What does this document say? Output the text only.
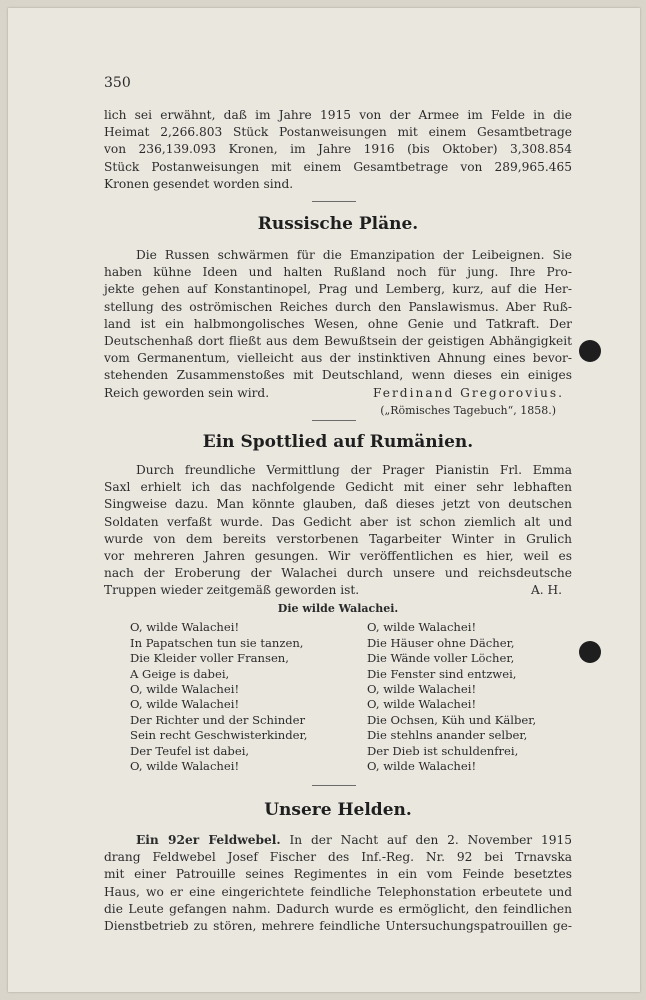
350
lich sei erwähnt, daß im Jahre 1915 von der Armee im Felde in die
Heimat 2,266.803 Stück Postanweisungen mit einem Gesamtbetrage
von 236,139.093 Kronen, im Jahre 1916 (bis Oktober) 3,308.854
Stück Postanweisungen mit einem Gesamtbetrage von 289,965.465
Kronen gesendet worden sind.
Russische Pläne.
Die Russen schwärmen für die Emanzipation der Leibeignen. Sie
haben kühne Ideen und halten Rußland noch für jung. Ihre Pro-
jekte gehen auf Konstantinopel, Prag und Lemberg, kurz, auf die Her-
stellung des oströmischen Reiches durch den Panslawismus. Aber Ruß-
land ist ein halbmongolisches Wesen, ohne Genie und Tatkraft. Der
Deutschenhaß dort fließt aus dem Bewußtsein der geistigen Abhängigkeit
vom Germanentum, vielleicht aus der instinktiven Ahnung eines bevor-
stehenden Zusammenstoßes mit Deutschland, wenn dieses ein einiges
Reich geworden sein wird.	Ferdinand Gregorovius.
(„Römisches Tagebuch“, 1858.)
Ein Spottlied auf Rumänien.
Durch freundliche Vermittlung der Prager Pianistin Frl. Emma
Saxl erhielt ich das nachfolgende Gedicht mit einer sehr lebhaften
Singweise dazu. Man könnte glauben, daß dieses jetzt von deutschen
Soldaten verfaßt wurde. Das Gedicht aber ist schon ziemlich alt und
wurde von dem bereits verstorbenen Tagarbeiter Winter in Grulich
vor mehreren Jahren gesungen. Wir veröffentlichen es hier, weil es
nach der Eroberung der Walachei durch unsere und reichsdeutsche
Truppen wieder zeitgemäß geworden ist.	A. H.
Die wilde Walachei.
O, wilde Walachei!
In Papatschen tun sie tanzen,
Die Kleider voller Fransen,
A Geige is dabei,
O, wilde Walachei!
O, wilde Walachei!
Die Häuser ohne Dächer,
Die Wände voller Löcher,
Die Fenster sind entzwei,
O, wilde Walachei!
O, wilde Walachei!
Der Richter und der Schinder
Sein recht Geschwisterkinder,
Der Teufel ist dabei,
O, wilde Walachei!
O, wilde Walachei!
Die Ochsen, Küh und Kälber,
Die stehlns anander selber,
Der Dieb ist schuldenfrei,
O, wilde Walachei!
Unsere Helden.
Ein 92er Feldwebel. In der Nacht auf den 2. November 1915
drang Feldwebel Josef Fischer des Inf.-Reg. Nr. 92 bei Trnavska
mit einer Patrouille seines Regimentes in ein vom Feinde besetztes
Haus, wo er eine eingerichtete feindliche Telephonstation erbeutete und
die Leute gefangen nahm. Dadurch wurde es ermöglicht, den feindlichen
Dienstbetrieb zu stören, mehrere feindliche Untersuchungspatrouillen ge-
